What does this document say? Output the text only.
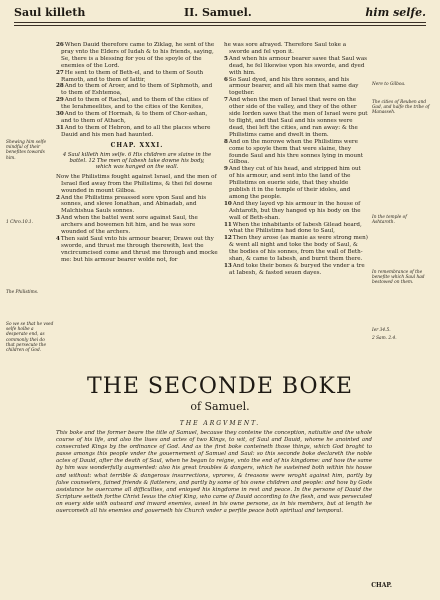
Saul killeth	II. Samuel.	him selfe.
Shewing him selfe mindful of their benefites towards him.
1 Chro.10.1.
The Philistims.
So we se that he vsed selfe holbe a desperate end, as commonly thei do that persecute the children of God.

26When Dauid therefore came to Ziklag, he sent of the pray vnto the Elders of Iudah & to his friends, saying, Se, there is a blessing for you of the spoyle of the enemies of the Lord.

27He sent to them of Beth-el, and to them of South Ramoth, and to them of Iattir,

28And to them of Aroer, and to them of Siphmoth, and to them of Eshtemoa,

29And to them of Rachal, and to them of the cities of the Ierahmeelites, and to the cities of the Kenites,

30And to them of Hormah, & to them of Chor-ashan, and to them of Athach,

31And to them of Hebron, and to all the places where Dauid and his men had haunted.

CHAP. XXXI.
4 Saul killeth him selfe. 6 His children are slaine in the battel. 12 The men of Iabesh take downe his body, which was hanged on the wall.

Now the Philistims fought against Israel, and the men of Israel fled away from the Philistims, & thei fel downe wounded in mount Gilboa.

2And the Philistims preassed sore vpon Saul and his sonnes, and slewe Ionathan, and Abinadab, and Malchishua Sauls sonnes.

3And when the battel went sore against Saul, the archers and bowemen hit him, and he was sore wounded of the archers.

4Then said Saul vnto his armour bearer, Drawe out thy sworde, and thrust me through therewith, lest the vncircumcised come and thrust me through and mocke me: but his armour bearer wolde not, for

he was sore afrayed. Therefore Saul toke a sworde and fel vpon it.

5And when his armour bearer sawe that Saul was dead, he fel likewise vpon his sworde, and dyed with him.

6So Saul dyed, and his thre sonnes, and his armour bearer, and all his men that same day together.

7And when the men of Israel that were on the other side of the valley, and they of the other side Iorden sawe that the men of Israel were put to flight, and that Saul and his sonnes were dead, thei left the cities, and ran away: & the Philistims came and dwelt in them.

8And on the morowe when the Philistims were come to spoyle them that were slaine, they founde Saul and his thre sonnes lying in mount Gilboa.

9And they cut of his head, and stripped him out of his armour, and sent into the land of the Philistims on euerie side, that they shulde publish it in the temple of their idoles, and among the people.

10And they layed vp his armour in the house of Ashtaroth, but they hanged vp his body on the wall of Beth-shan.

11When the inhabitants of Iabesh Gilead heard, what the Philistims had done to Saul,

12Then they arose (as manie as were strong men) & went all night and toke the body of Saul, & the bodies of his sonnes, from the wall of Beth-shan, & came to Iabesh, and burnt them there.

13And toke their bones & buryed the vnder a tre at Iabesh, & fasted seuen dayes.

Nere to Gilboa.
The cities of Reuben and Gad, and halfe the tribe of Manasseh.
In the temple of Ashtaroth.
In remembrance of the benefite which Saul had bestowed on them.
Ier 34.5.
2 Sam. 2.4.
THE SECONDE BOKE
of Samuel.
THE ARGVMENT.
This boke and the former beare the title of Samuel, because they conteine the conception, natiuitie and the whole course of his life, and also the liues and actes of two Kings, to wit, of Saul and Dauid, whome he anointed and consecrated Kings by the ordinance of God. And as the first boke conteineth those things, which God broght to passe amongs this people vnder the gouernement of Samuel and Saul: so this seconde boke declareth the noble actes of Dauid, after the death of Saul, when he began to reigne, vnto the end of his kingdome: and how the same by him was wonderfully augmented: also his great troubles & dangers, which he susteined both within his house and without: what terrible & dangerous insurrections, vprores, & treasons were wroght against him, partly by false counselers, fained friends & flatterers, and partly by some of his owne children and people: and how by Gods assistance he ouercame all difficulties, and enioyed his kingdome in rest and peace. In the persone of Dauid the Scripture setteth forthe Christ Iesus the chief King, who came of Dauid according to the flesh, and was persecuted on euery side with outward and inward enemies, aswel in his owne persone, as in his members, but at length he ouercometh all his enemies and gouerneth his Church vnder a perfite peace both spiritual and temporal.
CHAP.
